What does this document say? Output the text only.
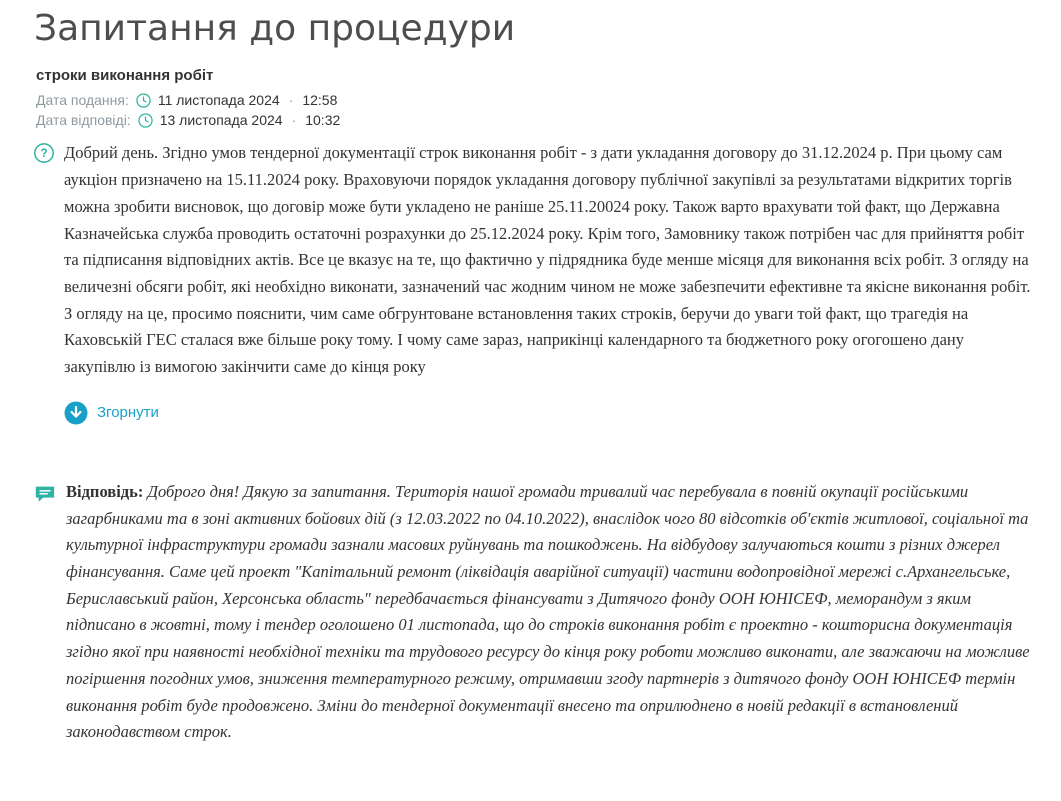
Запитання до процедури
строки виконання робіт
Дата подання: 11 листопада 2024 · 12:58
Дата відповіді: 13 листопада 2024 · 10:32
? Добрий день. Згідно умов тендерної документації строк виконання робіт - з дати укладання договору до 31.12.2024 р. При цьому сам аукціон призначено на 15.11.2024 року. Враховуючи порядок укладання договору публічної закупівлі за результатами відкритих торгів можна зробити висновок, що договір може бути укладено не раніше 25.11.20024 року. Також варто врахувати той факт, що Державна Казначейська служба проводить остаточні розрахунки до 25.12.2024 року. Крім того, Замовнику також потрібен час для прийняття робіт та підписання відповідних актів. Все це вказує на те, що фактично у підрядника буде менше місяця для виконання всіх робіт. З огляду на величезні обсяги робіт, які необхідно виконати, зазначений час жодним чином не може забезпечити ефективне та якісне виконання робіт. З огляду на це, просимо пояснити, чим саме обгрунтоване встановлення таких строків, беручи до уваги той факт, що трагедія на Каховській ГЕС сталася вже більше року тому. І чому саме зараз, наприкінці календарного та бюджетного року огогошено дану закупівлю із вимогою закінчити саме до кінця року
Згорнути
Відповідь: Доброго дня! Дякую за запитання. Територія нашої громади тривалий час перебувала в повній окупації російськими загарбниками та в зоні активних бойових дій (з 12.03.2022 по 04.10.2022), внаслідок чого 80 відсотків об'єктів житлової, соціальної та культурної інфраструктури громади зазнали масових руйнувань та пошкоджень. На відбудову залучаються кошти з різних джерел фінансування. Саме цей проект "Капітальний ремонт (ліквідація аварійної ситуації) частини водопровідної мережі с.Архангельське, Бериславський район, Херсонська область" передбачається фінансувати з Дитячого фонду ООН ЮНІСЕФ, меморандум з яким підписано в жовтні, тому і тендер оголошено 01 листопада, що до строків виконання робіт є проектно - кошторисна документація згідно якої при наявності необхідної техніки та трудового ресурсу до кінця року роботи можливо виконати, але зважаючи на можливе погіршення погодних умов, зниження температурного режиму, отримавши згоду партнерів з дитячого фонду ООН ЮНІСЕФ термін виконання робіт буде продовжено. Зміни до тендерної документації внесено та оприлюднено в новій редакції в встановлений законодавством строк.
